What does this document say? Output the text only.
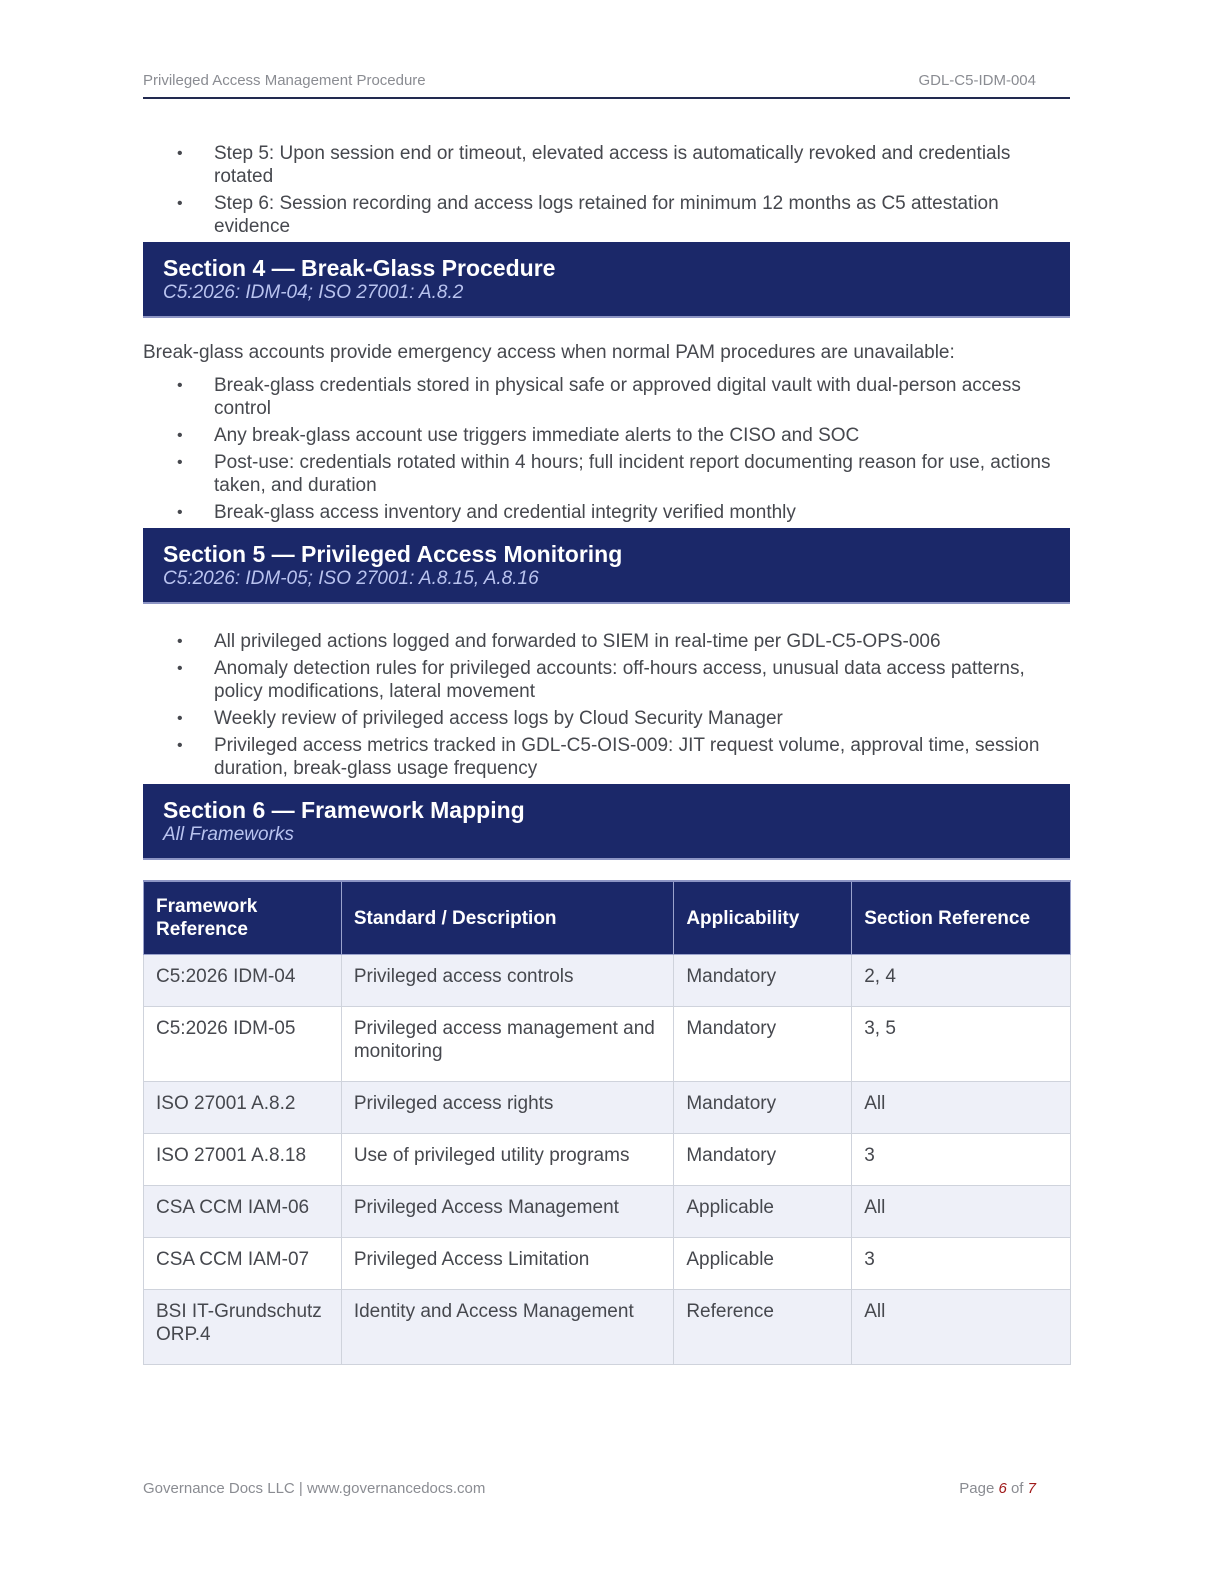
Privileged Access Management Procedure	GDL-C5-IDM-004
• Step 5: Upon session end or timeout, elevated access is automatically revoked and credentials rotated
• Step 6: Session recording and access logs retained for minimum 12 months as C5 attestation evidence
Section 4 — Break-Glass Procedure
C5:2026: IDM-04; ISO 27001: A.8.2
Break-glass accounts provide emergency access when normal PAM procedures are unavailable:
• Break-glass credentials stored in physical safe or approved digital vault with dual-person access control
• Any break-glass account use triggers immediate alerts to the CISO and SOC
• Post-use: credentials rotated within 4 hours; full incident report documenting reason for use, actions taken, and duration
• Break-glass access inventory and credential integrity verified monthly
Section 5 — Privileged Access Monitoring
C5:2026: IDM-05; ISO 27001: A.8.15, A.8.16
• All privileged actions logged and forwarded to SIEM in real-time per GDL-C5-OPS-006
• Anomaly detection rules for privileged accounts: off-hours access, unusual data access patterns, policy modifications, lateral movement
• Weekly review of privileged access logs by Cloud Security Manager
• Privileged access metrics tracked in GDL-C5-OIS-009: JIT request volume, approval time, session duration, break-glass usage frequency
Section 6 — Framework Mapping
All Frameworks
Framework Reference	Standard / Description	Applicability	Section Reference
C5:2026 IDM-04	Privileged access controls	Mandatory	2, 4
C5:2026 IDM-05	Privileged access management and monitoring	Mandatory	3, 5
ISO 27001 A.8.2	Privileged access rights	Mandatory	All
ISO 27001 A.8.18	Use of privileged utility programs	Mandatory	3
CSA CCM IAM-06	Privileged Access Management	Applicable	All
CSA CCM IAM-07	Privileged Access Limitation	Applicable	3
BSI IT-Grundschutz ORP.4	Identity and Access Management	Reference	All
Governance Docs LLC | www.governancedocs.com	Page 6 of 7
